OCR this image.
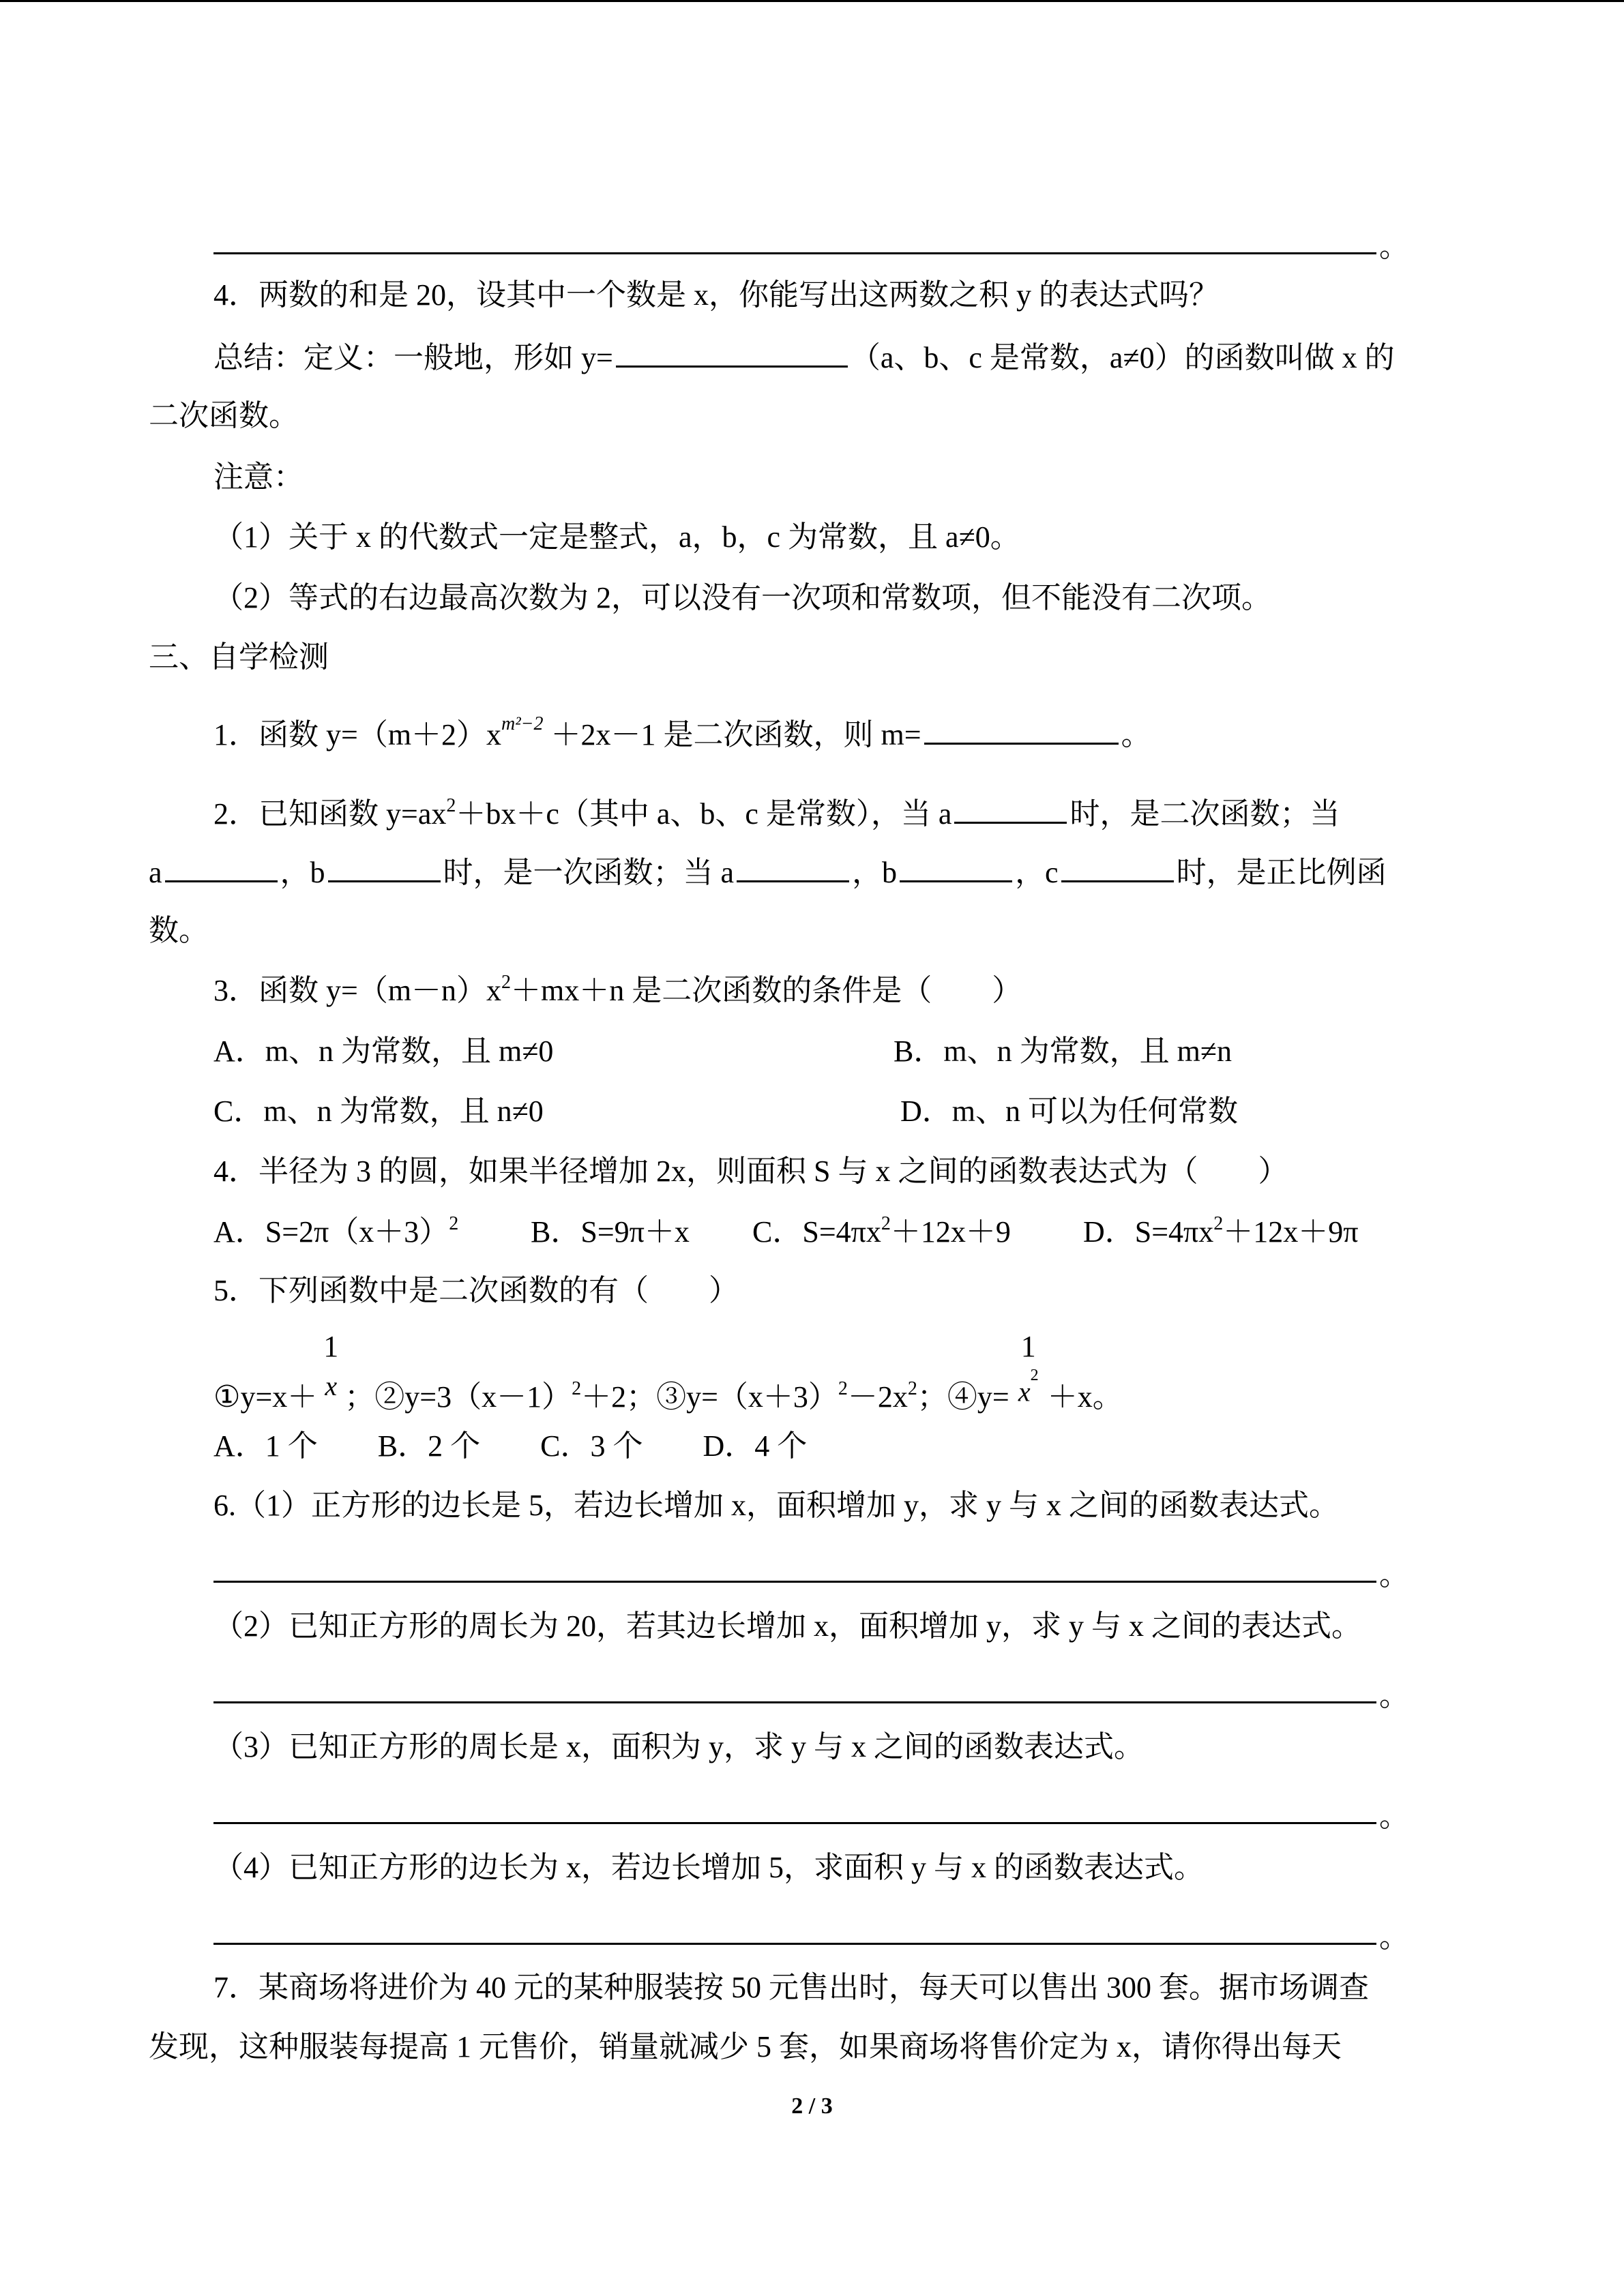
。
4．两数的和是 20，设其中一个数是 x，你能写出这两数之积 y 的表达式吗？
总结：定义：一般地，形如 y=	（a、b、c 是常数，a≠0）的函数叫做 x 的
二次函数。
注意：
（1）关于 x 的代数式一定是整式，a，b，c 为常数，且 a≠0。
（2）等式的右边最高次数为 2，可以没有一次项和常数项，但不能没有二次项。
三、自学检测
1．函数 $y=(m+2)x^{m^2-2} +2x-1$ 是二次函数，则 m=	。
2．已知函数 $y=ax^2+bx+c$（其中 a、b、c 是常数），当 a	时，是二次函数；当
a	，b	时，是一次函数；当 a	，b	，c	时，是正比例函
数。
3．函数 $y=(m-n)x^2+mx+n$ 是二次函数的条件是（　　）
A．m、n 为常数，且 m≠0	B．m、n 为常数，且 m≠n
C．m、n 为常数，且 n≠0	D．m、n 可以为任何常数
4．半径为 3 的圆，如果半径增加 2x，则面积 S 与 x 之间的函数表达式为（　　）
A．$S=2\pi(x+3)^2$ B．S=9π＋x C．$S=4\pi x^2+12x+9$ D．$S=4\pi x^2+12x+9\pi$
5．下列函数中是二次函数的有（　　）
①y=x＋
1
x ；$②y=3(x-1)^2+2$；$③y=(x+3)^2-2x^2$；④y=
1
$x^2$
＋x。
A．1 个　　B．2 个　　C．3 个　　D．4 个
6.（1）正方形的边长是 5，若边长增加 x，面积增加 y，求 y 与 x 之间的函数表达式。
。
（2）已知正方形的周长为 20，若其边长增加 x，面积增加 y，求 y 与 x 之间的表达式。
。
（3）已知正方形的周长是 x，面积为 y，求 y 与 x 之间的函数表达式。
。
（4）已知正方形的边长为 x，若边长增加 5，求面积 y 与 x 的函数表达式。
。
7．某商场将进价为 40 元的某种服装按 50 元售出时，每天可以售出 300 套。据市场调查
发现，这种服装每提高 1 元售价，销量就减少 5 套，如果商场将售价定为 x，请你得出每天
2 / 3
